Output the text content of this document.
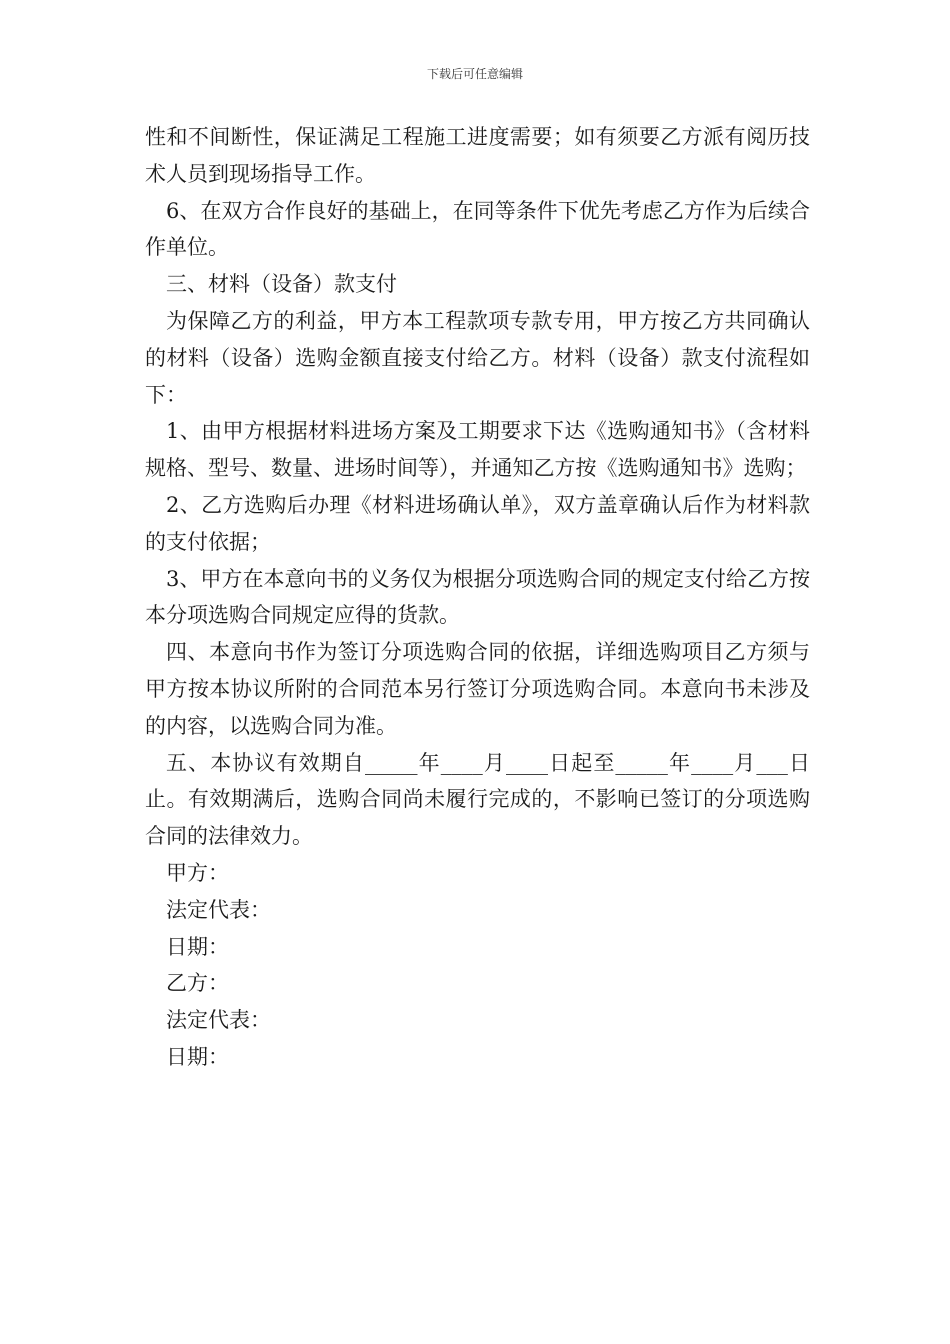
下载后可任意编辑

性和不间断性，保证满足工程施工进度需要；如有须要乙方派有阅历技术人员到现场指导工作。

6、在双方合作良好的基础上，在同等条件下优先考虑乙方作为后续合作单位。

三、材料（设备）款支付

为保障乙方的利益，甲方本工程款项专款专用，甲方按乙方共同确认的材料（设备）选购金额直接支付给乙方。材料（设备）款支付流程如下：

1、由甲方根据材料进场方案及工期要求下达《选购通知书》（含材料规格、型号、数量、进场时间等），并通知乙方按《选购通知书》选购；

2、乙方选购后办理《材料进场确认单》，双方盖章确认后作为材料款的支付依据；

3、甲方在本意向书的义务仅为根据分项选购合同的规定支付给乙方按本分项选购合同规定应得的货款。

四、本意向书作为签订分项选购合同的依据，详细选购项目乙方须与甲方按本协议所附的合同范本另行签订分项选购合同。本意向书未涉及的内容，以选购合同为准。

五、本协议有效期自_____年____月____日起至_____年____月___日止。有效期满后，选购合同尚未履行完成的，不影响已签订的分项选购合同的法律效力。

甲方：

法定代表：

日期：

乙方：

法定代表：

日期：
